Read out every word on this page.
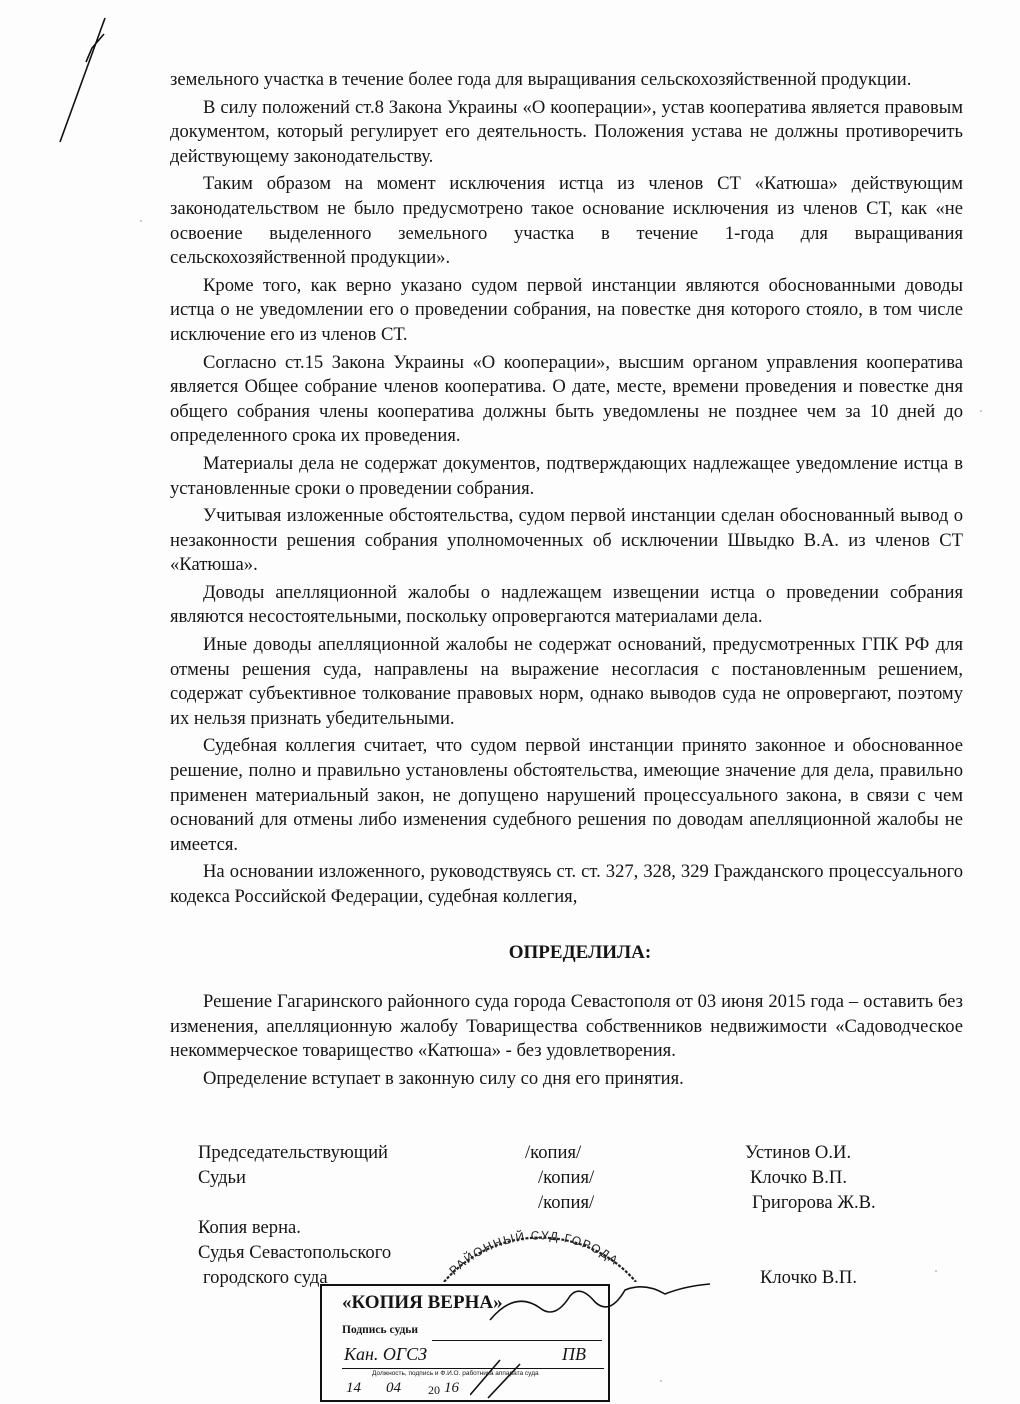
земельного участка в течение более года для выращивания сельскохозяйственной продукции.

В силу положений ст.8 Закона Украины «О кооперации», устав кооператива является правовым документом, который регулирует его деятельность. Положения устава не должны противоречить действующему законодательству.

Таким образом на момент исключения истца из членов СТ «Катюша» действующим законодательством не было предусмотрено такое основание исключения из членов СТ, как «не освоение выделенного земельного участка в течение 1-года для выращивания сельскохозяйственной продукции».

Кроме того, как верно указано судом первой инстанции являются обоснованными доводы истца о не уведомлении его о проведении собрания, на повестке дня которого стояло, в том числе исключение его из членов СТ.

Согласно ст.15 Закона Украины «О кооперации», высшим органом управления кооператива является Общее собрание членов кооператива. О дате, месте, времени проведения и повестке дня общего собрания члены кооператива должны быть уведомлены не позднее чем за 10 дней до определенного срока их проведения.

Материалы дела не содержат документов, подтверждающих надлежащее уведомление истца в установленные сроки о проведении собрания.

Учитывая изложенные обстоятельства, судом первой инстанции сделан обоснованный вывод о незаконности решения собрания уполномоченных об исключении Швыдко В.А. из членов СТ «Катюша».

Доводы апелляционной жалобы о надлежащем извещении истца о проведении собрания являются несостоятельными, поскольку опровергаются материалами дела.

Иные доводы апелляционной жалобы не содержат оснований, предусмотренных ГПК РФ для отмены решения суда, направлены на выражение несогласия с постановленным решением, содержат субъективное толкование правовых норм, однако выводов суда не опровергают, поэтому их нельзя признать убедительными.

Судебная коллегия считает, что судом первой инстанции принято законное и обоснованное решение, полно и правильно установлены обстоятельства, имеющие значение для дела, правильно применен материальный закон, не допущено нарушений процессуального закона, в связи с чем оснований для отмены либо изменения судебного решения по доводам апелляционной жалобы не имеется.

На основании изложенного, руководствуясь ст. ст. 327, 328, 329 Гражданского процессуального кодекса Российской Федерации, судебная коллегия,

ОПРЕДЕЛИЛА:

Решение Гагаринского районного суда города Севастополя от 03 июня 2015 года – оставить без изменения, апелляционную жалобу Товарищества собственников недвижимости «Садоводческое некоммерческое товарищество «Катюша» - без удовлетворения.

Определение вступает в законную силу со дня его принятия.

Председательствующий	/копия/	Устинов О.И.
Судьи	/копия/	Клочко В.П.
/копия/	Григорова Ж.В.
Копия верна.
Судья Севастопольского
городского суда	Клочко В.П.
РАЙОННЫЙ СУД ГОРОДА
«КОПИЯ ВЕРНА»
Подпись судьи
Кан. ОГСЗ	ПВ
Должность, подпись и Ф.И.О. работника аппарата суда
14 04 20 16
